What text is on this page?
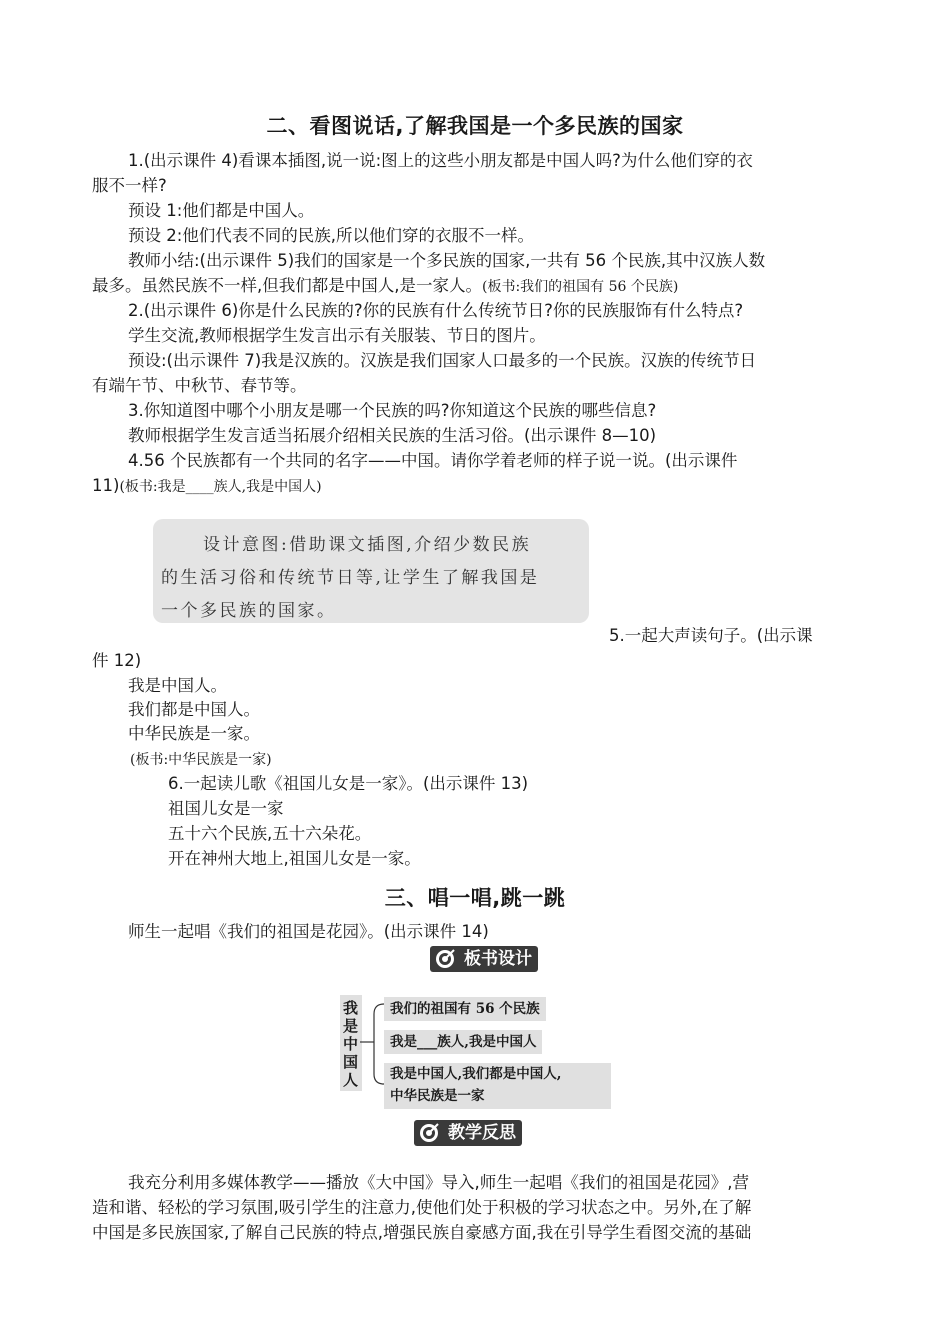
二、看图说话,了解我国是一个多民族的国家
1.(出示课件 4)看课本插图,说一说:图上的这些小朋友都是中国人吗?为什么他们穿的衣
服不一样?
预设 1:他们都是中国人。
预设 2:他们代表不同的民族,所以他们穿的衣服不一样。
教师小结:(出示课件 5)我们的国家是一个多民族的国家,一共有 56 个民族,其中汉族人数
最多。虽然民族不一样,但我们都是中国人,是一家人。(板书:我们的祖国有 56 个民族)
2.(出示课件 6)你是什么民族的?你的民族有什么传统节日?你的民族服饰有什么特点?
学生交流,教师根据学生发言出示有关服装、节日的图片。
预设:(出示课件 7)我是汉族的。汉族是我们国家人口最多的一个民族。汉族的传统节日
有端午节、中秋节、春节等。
3.你知道图中哪个小朋友是哪一个民族的吗?你知道这个民族的哪些信息?
教师根据学生发言适当拓展介绍相关民族的生活习俗。(出示课件 8—10)
4.56 个民族都有一个共同的名字——中国。请你学着老师的样子说一说。(出示课件
11)(板书:我是____族人,我是中国人)
设计意图:借助课文插图,介绍少数民族
的生活习俗和传统节日等,让学生了解我国是
一个多民族的国家。
5.一起大声读句子。(出示课
件 12)
我是中国人。
我们都是中国人。
中华民族是一家。
(板书:中华民族是一家)
6.一起读儿歌《祖国儿女是一家》。(出示课件 13)
祖国儿女是一家
五十六个民族,五十六朵花。
开在神州大地上,祖国儿女是一家。
三、唱一唱,跳一跳
师生一起唱《我们的祖国是花园》。(出示课件 14)
板书设计
我
是
中
国
人
我们的祖国有 56 个民族
我是___族人,我是中国人
我是中国人,我们都是中国人,
中华民族是一家
教学反思
我充分利用多媒体教学——播放《大中国》导入,师生一起唱《我们的祖国是花园》,营
造和谐、轻松的学习氛围,吸引学生的注意力,使他们处于积极的学习状态之中。另外,在了解
中国是多民族国家,了解自己民族的特点,增强民族自豪感方面,我在引导学生看图交流的基础
